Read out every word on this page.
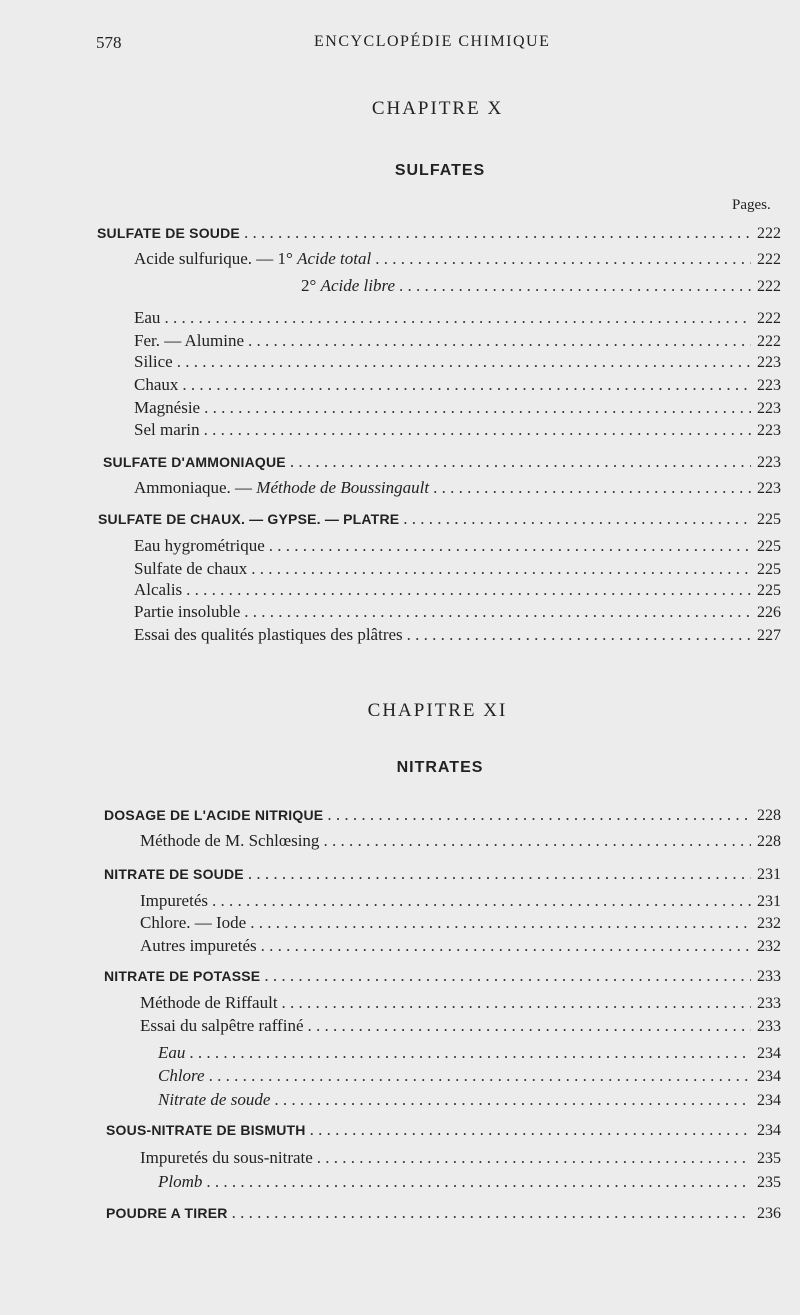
578	ENCYCLOPÉDIE CHIMIQUE
CHAPITRE X
SULFATES
Pages.
SULFATE DE SOUDE . . .	222
Acide sulfurique. — 1° Acide total . . .	222
2° Acide libre . . .	222
Eau . . .	222
Fer. — Alumine . . .	222
Silice . . .	223
Chaux . . .	223
Magnésie . . .	223
Sel marin . . .	223
SULFATE D'AMMONIAQUE . . .	223
Ammoniaque. — Méthode de Boussingault . . .	223
SULFATE DE CHAUX. — GYPSE. — PLATRE . . .	225
Eau hygrométrique . . .	225
Sulfate de chaux . . .	225
Alcalis . . .	225
Partie insoluble . . .	226
Essai des qualités plastiques des plâtres . . .	227
CHAPITRE XI
NITRATES
DOSAGE DE L'ACIDE NITRIQUE . . .	228
Méthode de M. Schlœsing . . .	228
NITRATE DE SOUDE . . .	231
Impuretés . . .	231
Chlore. — Iode . . .	232
Autres impuretés . . .	232
NITRATE DE POTASSE . . .	233
Méthode de Riffault . . .	233
Essai du salpêtre raffiné . . .	233
Eau . . .	234
Chlore . . .	234
Nitrate de soude . . .	234
SOUS-NITRATE DE BISMUTH . . .	234
Impuretés du sous-nitrate . . .	235
Plomb . . .	235
POUDRE A TIRER . . .	236
